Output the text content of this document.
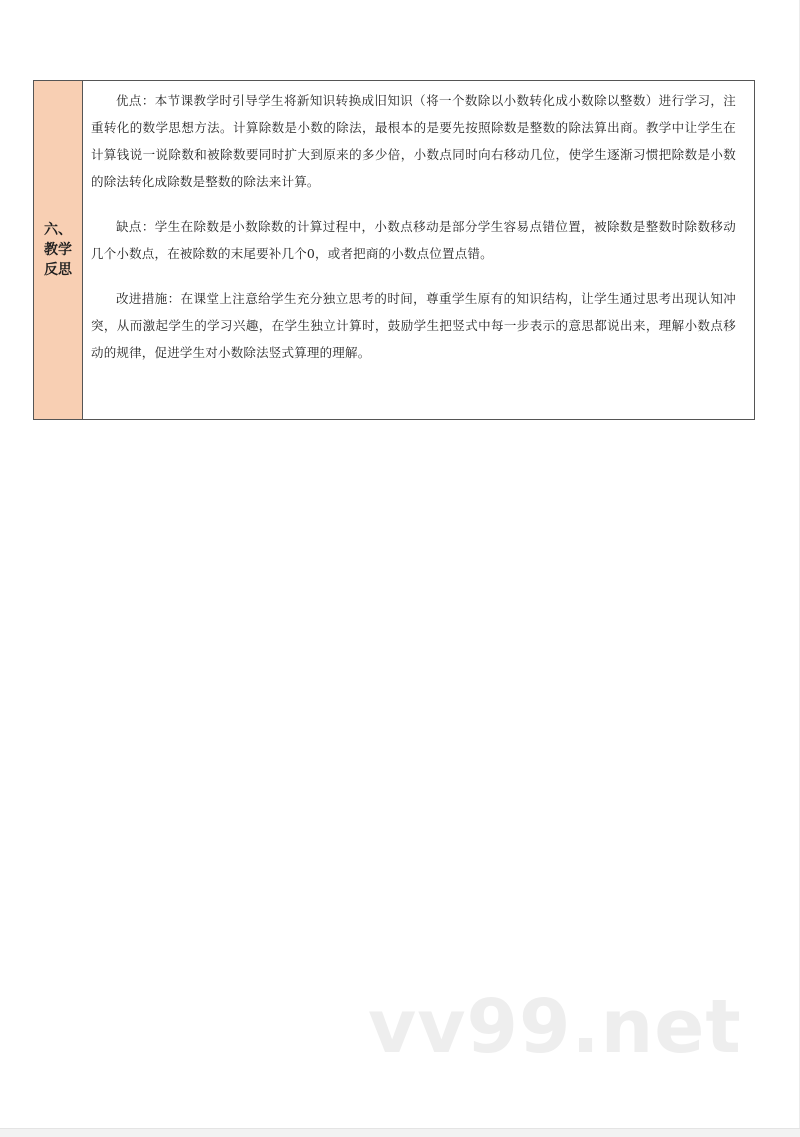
六、
教学
反思

优点：本节课教学时引导学生将新知识转换成旧知识（将一个数除以小数转化成小数除以整数）进行学习，注重转化的数学思想方法。计算除数是小数的除法，最根本的是要先按照除数是整数的除法算出商。教学中让学生在计算钱说一说除数和被除数要同时扩大到原来的多少倍，小数点同时向右移动几位，使学生逐渐习惯把除数是小数的除法转化成除数是整数的除法来计算。

缺点：学生在除数是小数除数的计算过程中，小数点移动是部分学生容易点错位置，被除数是整数时除数移动几个小数点，在被除数的末尾要补几个0，或者把商的小数点位置点错。

改进措施：在课堂上注意给学生充分独立思考的时间，尊重学生原有的知识结构，让学生通过思考出现认知冲突，从而激起学生的学习兴趣，在学生独立计算时，鼓励学生把竖式中每一步表示的意思都说出来，理解小数点移动的规律，促进学生对小数除法竖式算理的理解。

vv99.net
